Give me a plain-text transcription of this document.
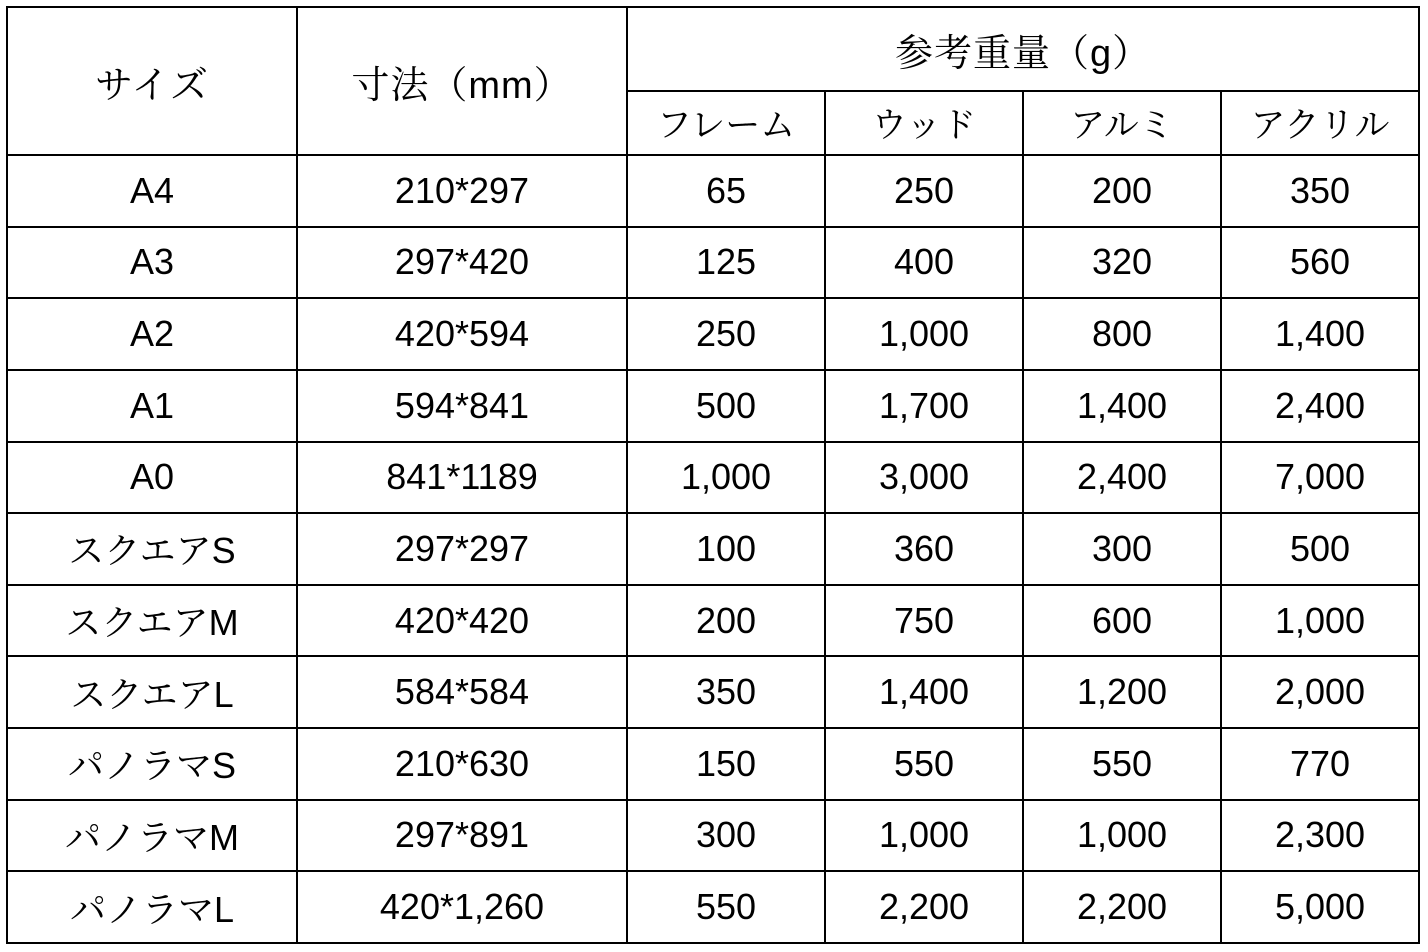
サイズ	寸法（mm）	参考重量（g）			
		フレーム	ウッド	アルミ	アクリル
A4	210*297	65	250	200	350
A3	297*420	125	400	320	560
A2	420*594	250	1,000	800	1,400
A1	594*841	500	1,700	1,400	2,400
A0	841*1189	1,000	3,000	2,400	7,000
スクエアS	297*297	100	360	300	500
スクエアM	420*420	200	750	600	1,000
スクエアL	584*584	350	1,400	1,200	2,000
パノラマS	210*630	150	550	550	770
パノラマM	297*891	300	1,000	1,000	2,300
パノラマL	420*1,260	550	2,200	2,200	5,000
